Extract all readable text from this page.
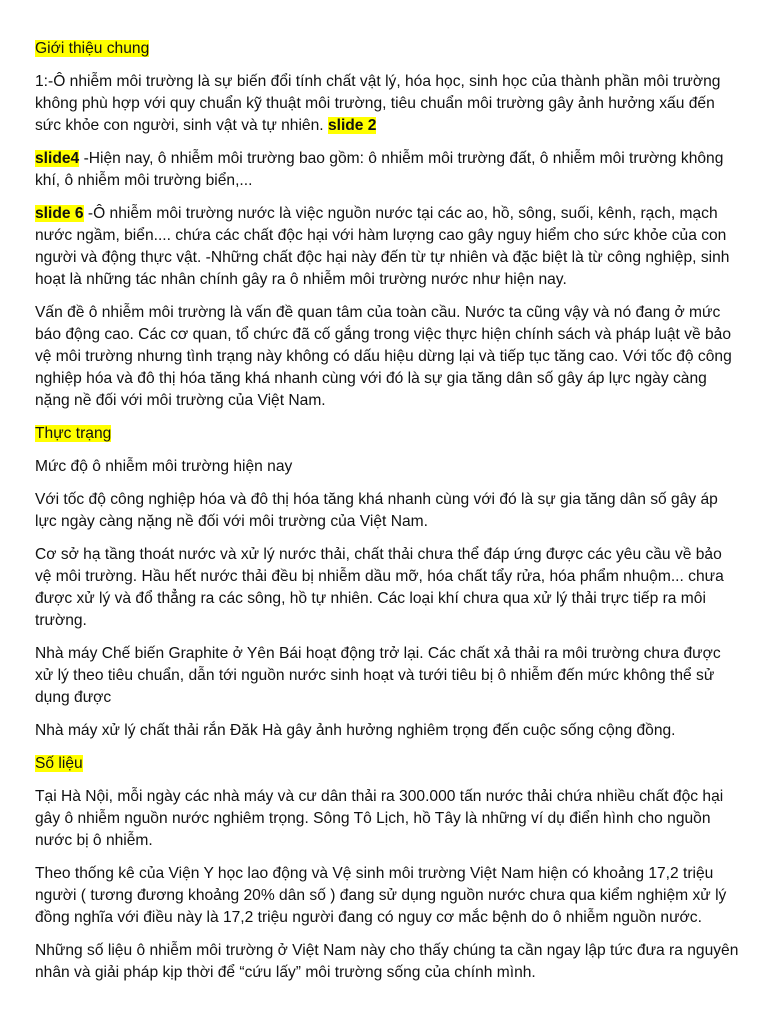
Giới thiệu chung

1:-Ô nhiễm môi trường là sự biến đổi tính chất vật lý, hóa học, sinh học của thành phần môi trường không phù hợp với quy chuẩn kỹ thuật môi trường, tiêu chuẩn môi trường gây ảnh hưởng xấu đến sức khỏe con người, sinh vật và tự nhiên. slide 2

slide4 -Hiện nay, ô nhiễm môi trường bao gồm: ô nhiễm môi trường đất, ô nhiễm môi trường không khí, ô nhiễm môi trường biển,...

slide 6 -Ô nhiễm môi trường nước là việc nguồn nước tại các ao, hồ, sông, suối, kênh, rạch, mạch nước ngầm, biển.... chứa các chất độc hại với hàm lượng cao gây nguy hiểm cho sức khỏe của con người và động thực vật. -Những chất độc hại này đến từ tự nhiên và đặc biệt là từ công nghiệp, sinh hoạt là những tác nhân chính gây ra ô nhiễm môi trường nước như hiện nay.

Vấn đề ô nhiễm môi trường là vấn đề quan tâm của toàn cầu. Nước ta cũng vậy và nó đang ở mức báo động cao. Các cơ quan, tổ chức đã cố gắng trong việc thực hiện chính sách và pháp luật về bảo vệ môi trường nhưng tình trạng này không có dấu hiệu dừng lại và tiếp tục tăng cao. Với tốc độ công nghiệp hóa và đô thị hóa tăng khá nhanh cùng với đó là sự gia tăng dân số gây áp lực ngày càng nặng nề đối với môi trường của Việt Nam.

Thực trạng

Mức độ ô nhiễm môi trường hiện nay

Với tốc độ công nghiệp hóa và đô thị hóa tăng khá nhanh cùng với đó là sự gia tăng dân số gây áp lực ngày càng nặng nề đối với môi trường của Việt Nam.

Cơ sở hạ tầng thoát nước và xử lý nước thải, chất thải chưa thể đáp ứng được các yêu cầu về bảo vệ môi trường. Hầu hết nước thải đều bị nhiễm dầu mỡ, hóa chất tẩy rửa, hóa phẩm nhuộm... chưa được xử lý và đổ thẳng ra các sông, hồ tự nhiên. Các loại khí chưa qua xử lý thải trực tiếp ra môi trường.

Nhà máy Chế biến Graphite ở Yên Bái hoạt động trở lại. Các chất xả thải ra môi trường chưa được xử lý theo tiêu chuẩn, dẫn tới nguồn nước sinh hoạt và tưới tiêu bị ô nhiễm đến mức không thể sử dụng được

Nhà máy xử lý chất thải rắn Đăk Hà gây ảnh hưởng nghiêm trọng đến cuộc sống cộng đồng.

Số liệu

Tại Hà Nội, mỗi ngày các nhà máy và cư dân thải ra 300.000 tấn nước thải chứa nhiều chất độc hại gây ô nhiễm nguồn nước nghiêm trọng. Sông Tô Lịch, hồ Tây là những ví dụ điển hình cho nguồn nước bị ô nhiễm.

Theo thống kê của Viện Y học lao động và Vệ sinh môi trường Việt Nam hiện có khoảng 17,2 triệu người ( tương đương khoảng 20% dân số ) đang sử dụng nguồn nước chưa qua kiểm nghiệm xử lý đồng nghĩa với điều này là 17,2 triệu người đang có nguy cơ mắc bệnh do ô nhiễm nguồn nước.

Những số liệu ô nhiễm môi trường ở Việt Nam này cho thấy chúng ta cần ngay lập tức đưa ra nguyên nhân và giải pháp kịp thời để “cứu lấy” môi trường sống của chính mình.
